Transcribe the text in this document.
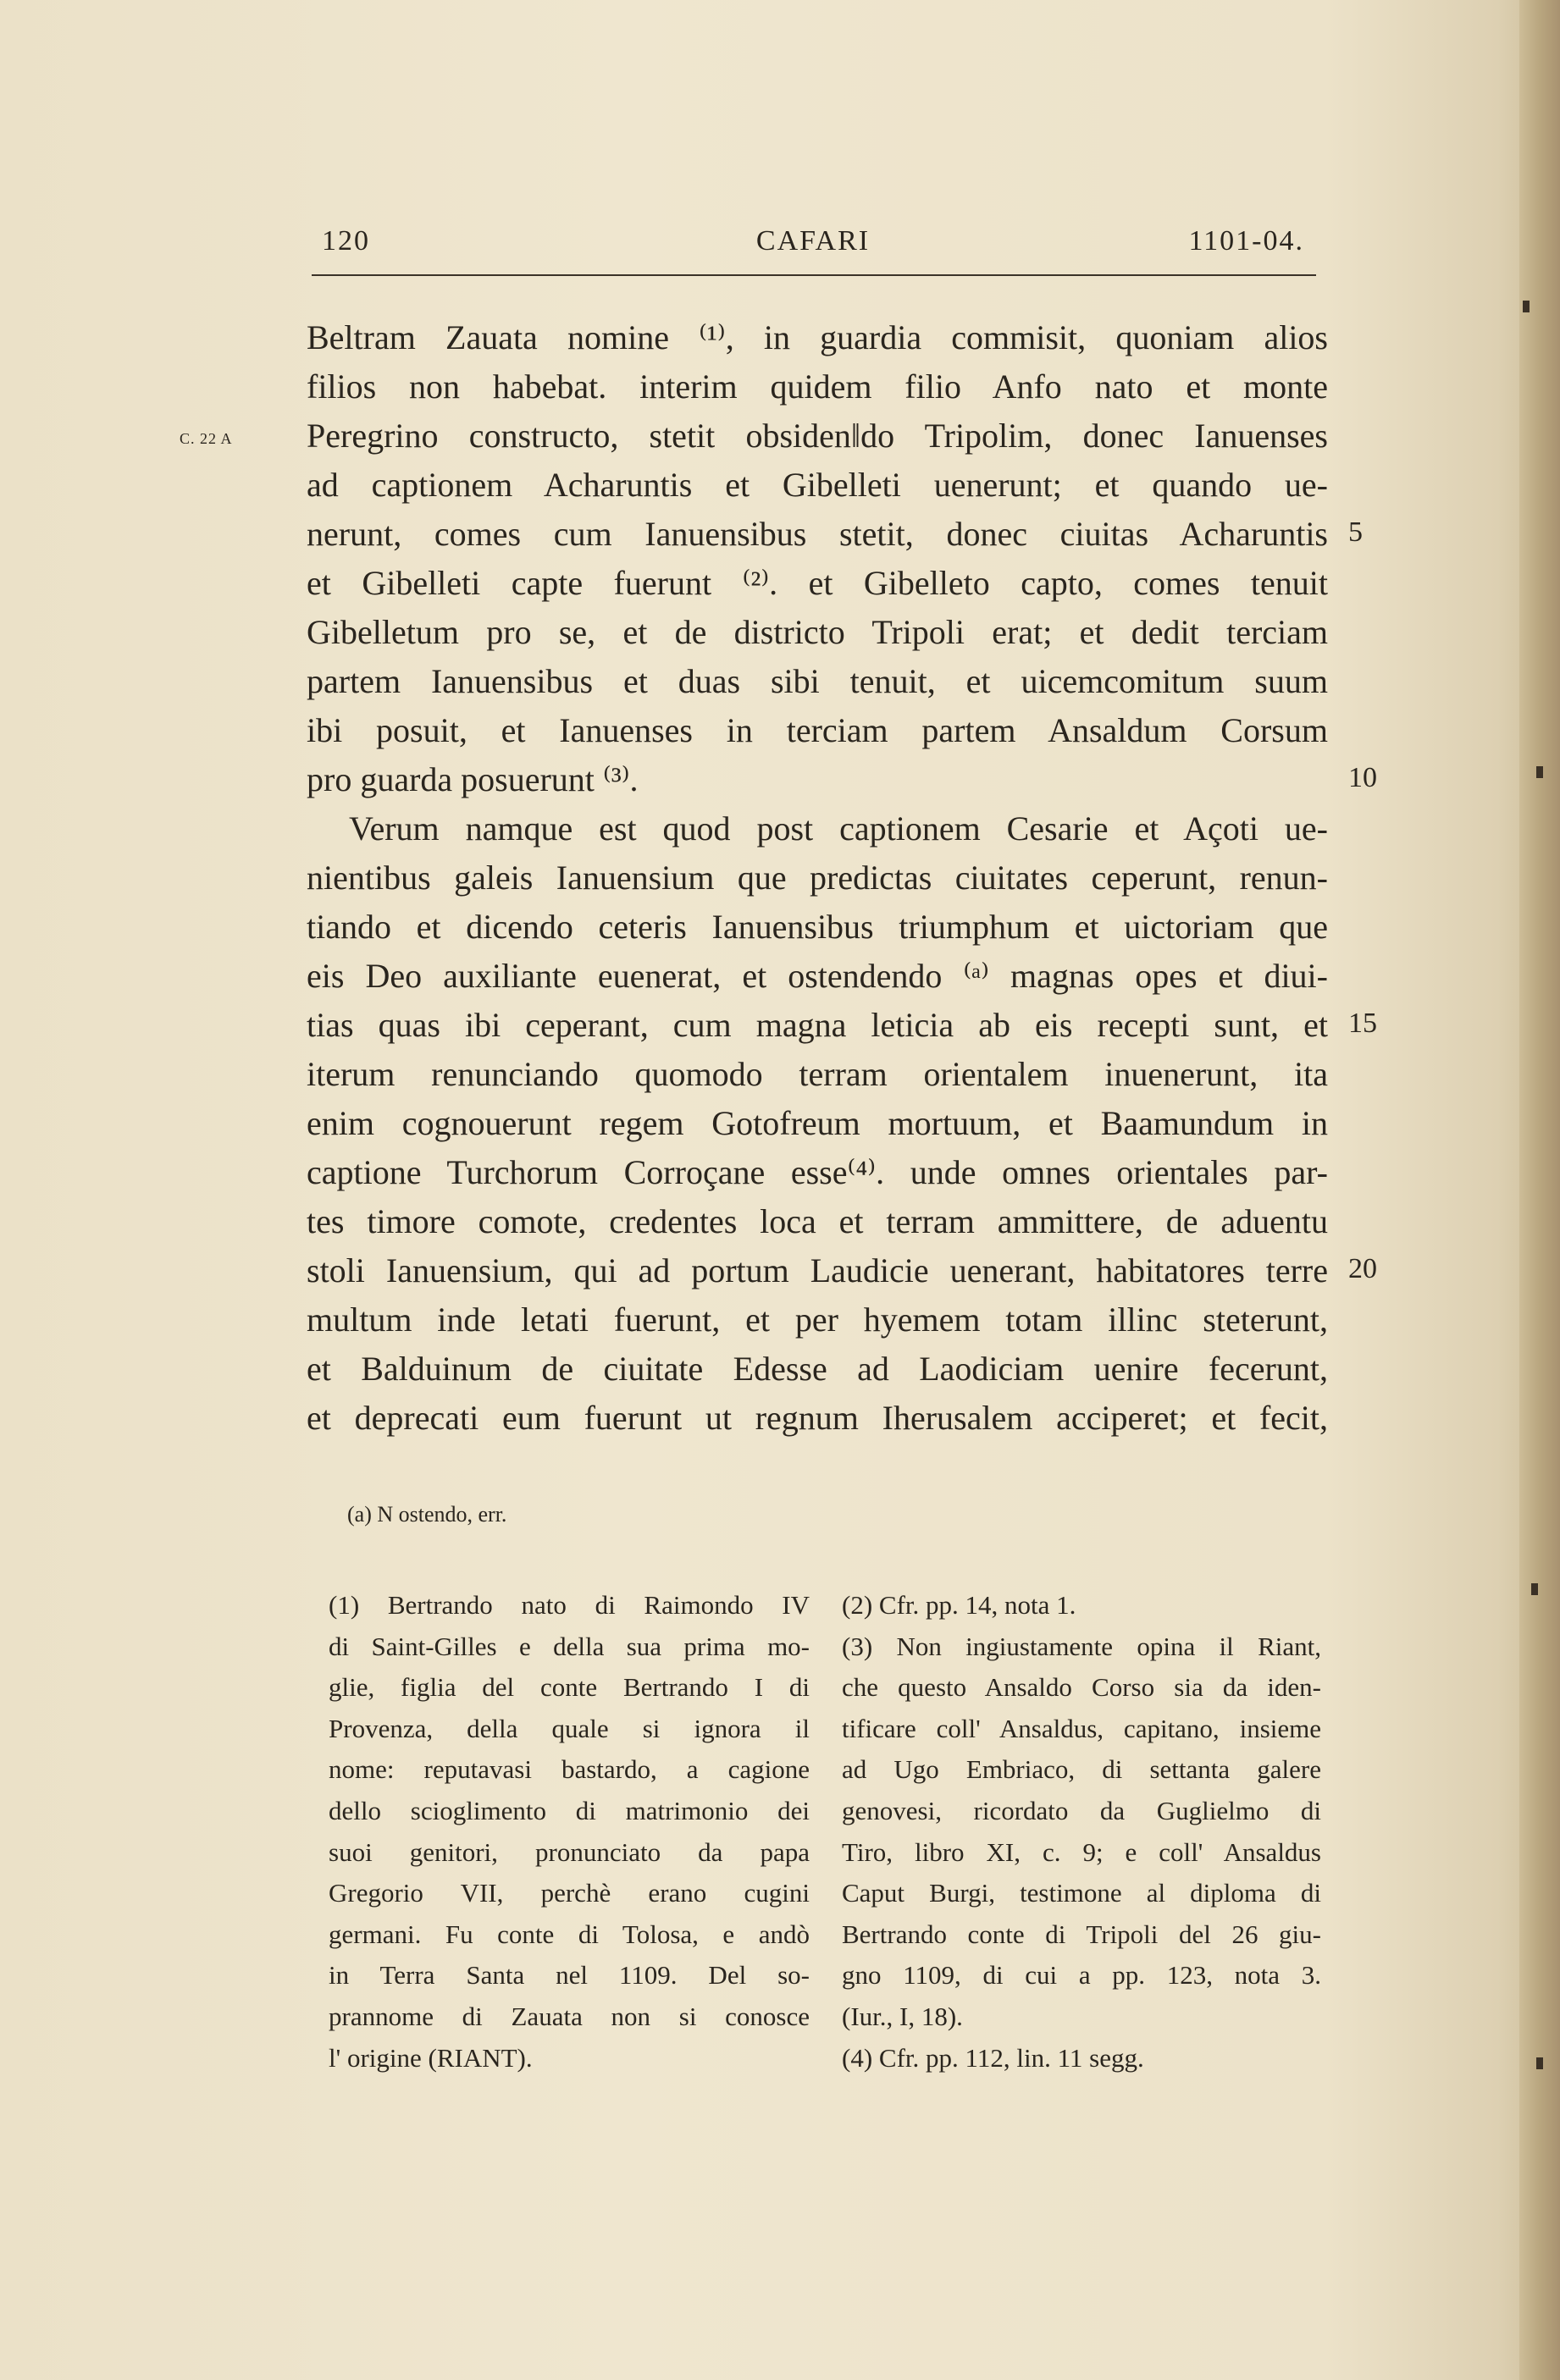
120	CAFARI	1101-04.
C. 22 A
Beltram Zauata nomine ⁽¹⁾, in guardia commisit, quoniam alios
filios non habebat. interim quidem filio Anfo nato et monte
Peregrino constructo, stetit obsiden‖do Tripolim, donec Ianuenses
ad captionem Acharuntis et Gibelleti uenerunt; et quando ue-
nerunt, comes cum Ianuensibus stetit, donec ciuitas Acharuntis
et Gibelleti capte fuerunt ⁽²⁾. et Gibelleto capto, comes tenuit
Gibelletum pro se, et de districto Tripoli erat; et dedit terciam
partem Ianuensibus et duas sibi tenuit, et uicemcomitum suum
ibi posuit, et Ianuenses in terciam partem Ansaldum Corsum
pro guarda posuerunt ⁽³⁾.
Verum namque est quod post captionem Cesarie et Açoti ue-
nientibus galeis Ianuensium que predictas ciuitates ceperunt, renun-
tiando et dicendo ceteris Ianuensibus triumphum et uictoriam que
eis Deo auxiliante euenerat, et ostendendo ⁽ᵃ⁾ magnas opes et diui-
tias quas ibi ceperant, cum magna leticia ab eis recepti sunt, et
iterum renunciando quomodo terram orientalem inuenerunt, ita
enim cognouerunt regem Gotofreum mortuum, et Baamundum in
captione Turchorum Corroçane esse⁽⁴⁾. unde omnes orientales par-
tes timore comote, credentes loca et terram ammittere, de aduentu
stoli Ianuensium, qui ad portum Laudicie uenerant, habitatores terre
multum inde letati fuerunt, et per hyemem totam illinc steterunt,
et Balduinum de ciuitate Edesse ad Laodiciam uenire fecerunt,
et deprecati eum fuerunt ut regnum Iherusalem acciperet; et fecit,
5
10
15
20
(a) N ostendo, err.
(1) Bertrando nato di Raimondo IV
di Saint-Gilles e della sua prima mo-
glie, figlia del conte Bertrando I di
Provenza, della quale si ignora il
nome: reputavasi bastardo, a cagione
dello scioglimento di matrimonio dei
suoi genitori, pronunciato da papa
Gregorio VII, perchè erano cugini
germani. Fu conte di Tolosa, e andò
in Terra Santa nel 1109. Del so-
prannome di Zauata non si conosce
l' origine (RIANT).
(2) Cfr. pp. 14, nota 1.
(3) Non ingiustamente opina il Riant,
che questo Ansaldo Corso sia da iden-
tificare coll' Ansaldus, capitano, insieme
ad Ugo Embriaco, di settanta galere
genovesi, ricordato da Guglielmo di
Tiro, libro XI, c. 9; e coll' Ansaldus
Caput Burgi, testimone al diploma di
Bertrando conte di Tripoli del 26 giu-
gno 1109, di cui a pp. 123, nota 3.
(Iur., I, 18).
(4) Cfr. pp. 112, lin. 11 segg.
